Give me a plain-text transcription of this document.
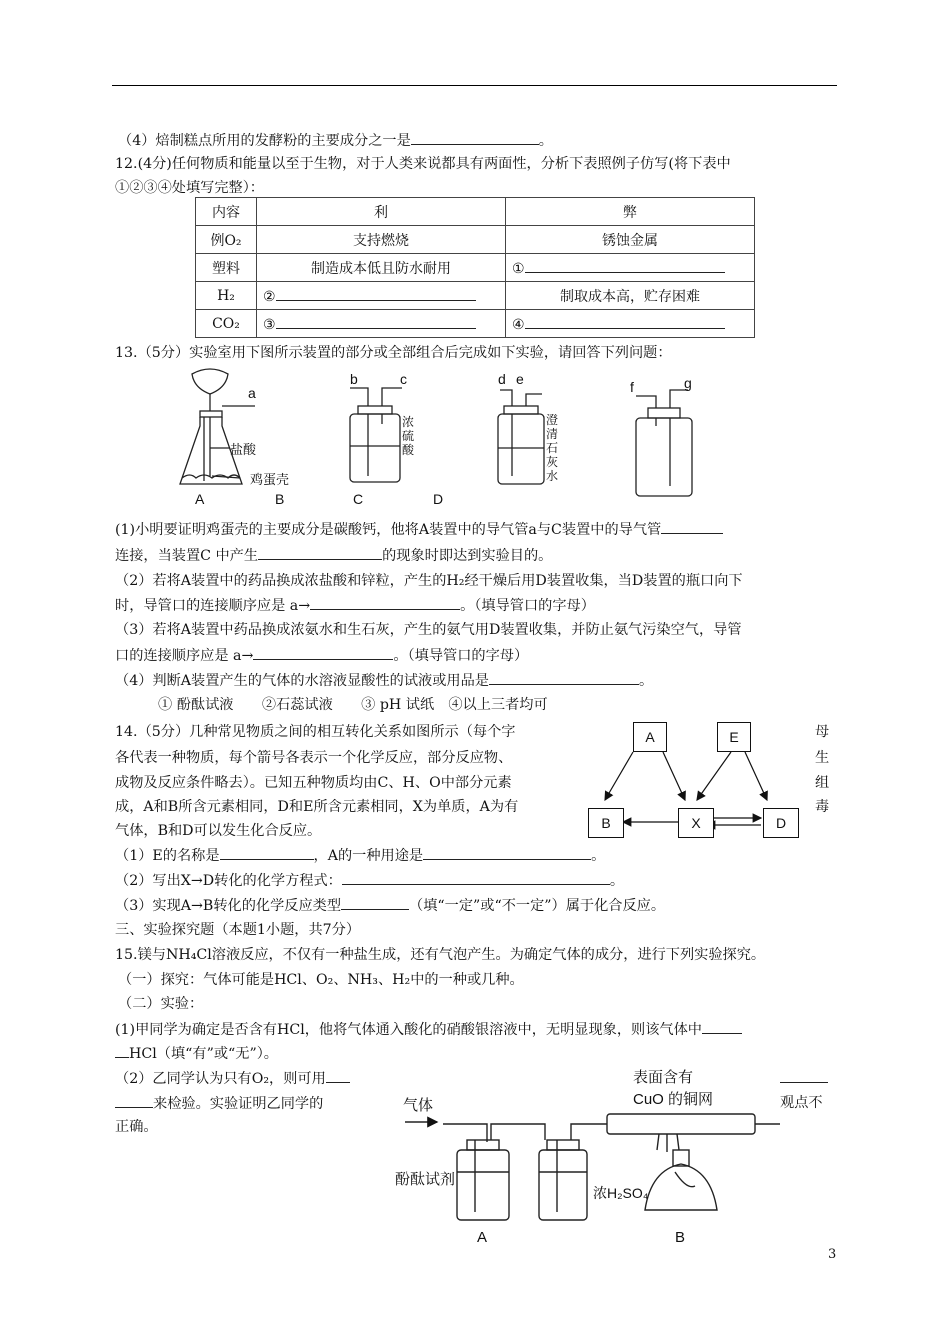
（4）焙制糕点所用的发酵粉的主要成分之一是	。
12.(4分)任何物质和能量以至于生物，对于人类来说都具有两面性，分析下表照例子仿写(将下表中
①②③④处填写完整）：
内容	利	弊
例O₂	支持燃烧	锈蚀金属
塑料	制造成本低且防水耐用	①
H₂	②	制取成本高，贮存困难
CO₂	③	④
13.（5分）实验室用下图所示装置的部分或全部组合后完成如下实验，请回答下列问题：
a
b	c	d e	f	g
盐酸
鸡蛋壳
浓
硫
酸
澄
清
石
灰
水
A	B	C	D
(1)小明要证明鸡蛋壳的主要成分是碳酸钙，他将A装置中的导气管a与C装置中的导气管
连接，当装置C 中产生	的现象时即达到实验目的。
（2）若将A装置中的药品换成浓盐酸和锌粒，产生的H₂经干燥后用D装置收集，当D装置的瓶口向下
时，导管口的连接顺序应是 a→	。（填导管口的字母）
（3）若将A装置中药品换成浓氨水和生石灰，产生的氨气用D装置收集，并防止氨气污染空气，导管
口的连接顺序应是 a→	。（填导管口的字母）
（4）判断A装置产生的气体的水溶液显酸性的试液或用品是	。
① 酚酞试液　　②石蕊试液　　③ pH 试纸　④以上三者均可
14.（5分）几种常见物质之间的相互转化关系如图所示（每个字
各代表一种物质，每个箭号各表示一个化学反应，部分反应物、
成物及反应条件略去）。已知五种物质均由C、H、O中部分元素
成，A和B所含元素相同，D和E所含元素相同，X为单质，A为有
气体，B和D可以发生化合反应。
母
生
组
毒
A	E
B	X	D
（1）E的名称是	，A的一种用途是	。
（2）写出X→D转化的化学方程式：	。
（3）实现A→B转化的化学反应类型	（填“一定”或“不一定”）属于化合反应。
三、实验探究题（本题1小题，共7分）
15.镁与NH₄Cl溶液反应，不仅有一种盐生成，还有气泡产生。为确定气体的成分，进行下列实验探究。
（一）探究：气体可能是HCl、O₂、NH₃、H₂中的一种或几种。
（二）实验：
(1)甲同学为确定是否含有HCl，他将气体通入酸化的硝酸银溶液中，无明显现象，则该气体中
HCl（填“有”或“无”）。
（2）乙同学认为只有O₂，则可用
来检验。实验证明乙同学的
正确。
观点不
气体
表面含有
CuO 的铜网
酚酞试剂
浓H₂SO₄
A	B
3
